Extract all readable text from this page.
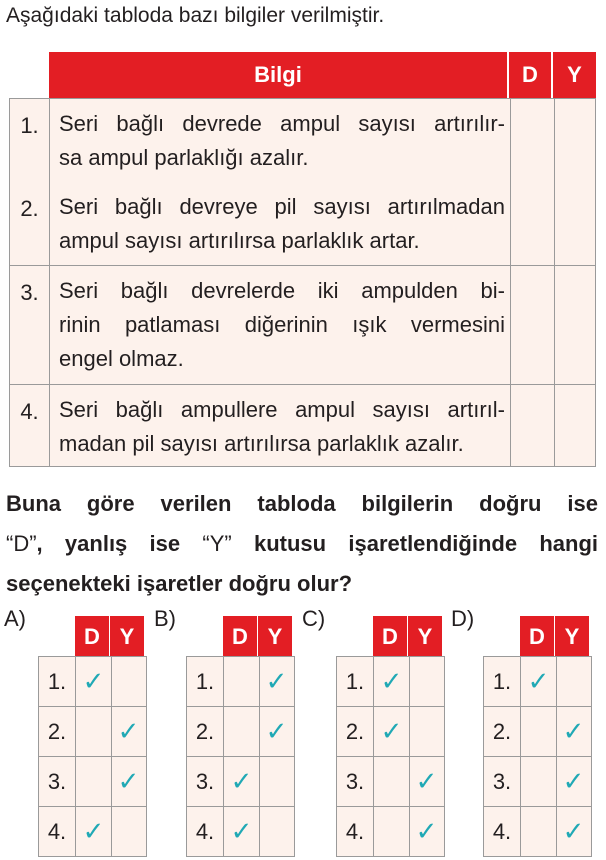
Aşağıdaki tabloda bazı bilgiler verilmiştir.
Bilgi	D	Y
1. Seri bağlı devrede ampul sayısı artırılır-
sa ampul parlaklığı azalır.
2. Seri bağlı devreye pil sayısı artırılmadan
ampul sayısı artırılırsa parlaklık artar.
3. Seri bağlı devrelerde iki ampulden bi-
rinin patlaması diğerinin ışık vermesini
engel olmaz.
4. Seri bağlı ampullere ampul sayısı artırıl-
madan pil sayısı artırılırsa parlaklık azalır.
Buna göre verilen tabloda bilgilerin doğru ise
“D”, yanlış ise “Y” kutusu işaretlendiğinde hangi
seçenekteki işaretler doğru olur?
A)
D Y
1. ✓
2.	✓
3.	✓
4. ✓
B)
D Y
1.	✓
2.	✓
3. ✓
4. ✓
C)
D Y
1. ✓
2. ✓
3.	✓
4.	✓
D)
D Y
1. ✓
2.	✓
3.	✓
4.	✓
